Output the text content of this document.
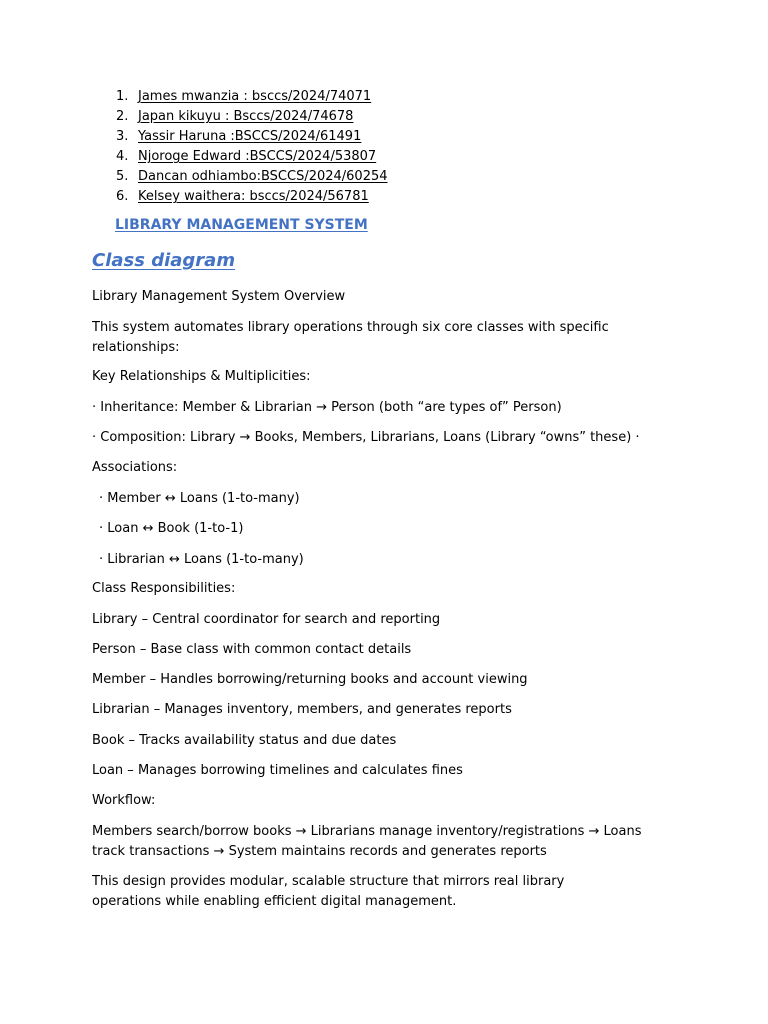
1. James mwanzia : bsccs/2024/74071
2. Japan kikuyu : Bsccs/2024/74678
3. Yassir Haruna :BSCCS/2024/61491
4. Njoroge Edward :BSCCS/2024/53807
5. Dancan odhiambo:BSCCS/2024/60254
6. Kelsey waithera: bsccs/2024/56781
LIBRARY MANAGEMENT SYSTEM
Class diagram

Library Management System Overview

This system automates library operations through six core classes with specific relationships:

Key Relationships & Multiplicities:

· Inheritance: Member & Librarian → Person (both “are types of” Person)

· Composition: Library → Books, Members, Librarians, Loans (Library “owns” these) ·

Associations:

· Member ↔ Loans (1-to-many)

· Loan ↔ Book (1-to-1)

· Librarian ↔ Loans (1-to-many)

Class Responsibilities:

Library – Central coordinator for search and reporting

Person – Base class with common contact details

Member – Handles borrowing/returning books and account viewing

Librarian – Manages inventory, members, and generates reports

Book – Tracks availability status and due dates

Loan – Manages borrowing timelines and calculates fines

Workflow:

Members search/borrow books → Librarians manage inventory/registrations → Loans track transactions → System maintains records and generates reports

This design provides modular, scalable structure that mirrors real library operations while enabling efficient digital management.
